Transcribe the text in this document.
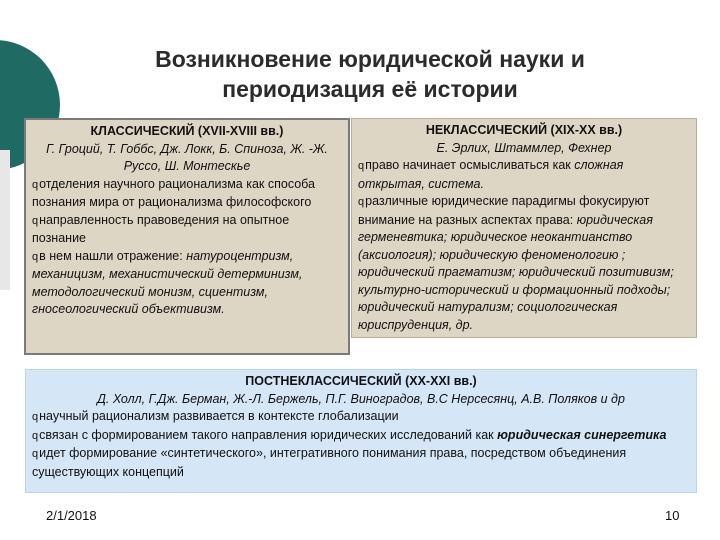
Возникновение юридической науки и
периодизация её истории
КЛАССИЧЕСКИЙ (XVII-XVIII вв.)
Г. Гроций, Т. Гоббс, Дж. Локк, Б. Спиноза, Ж. -Ж. Руссо, Ш. Монтескье
qотделения научного рационализма как способа познания мира от рационализма философского
qнаправленность правоведения на опытное познание
qв нем нашли отражение: натуроцентризм, механицизм, механистический детерминизм, методологический монизм, сциентизм, гносеологический объективизм.
НЕКЛАССИЧЕСКИЙ (XIX-XX вв.)
Е. Эрлих, Штаммлер, Фехнер
qправо начинает осмысливаться как сложная открытая, система.
qразличные юридические парадигмы фокусируют внимание на разных аспектах права: юридическая герменевтика; юридическое неокантианство (аксиология); юридическую феноменологию ; юридический прагматизм; юридический позитивизм; культурно-исторический и формационный подходы; юридический натурализм; социологическая юриспруденция, др.
ПОСТНЕКЛАССИЧЕСКИЙ (XX-XXI вв.)
Д. Холл, Г.Дж. Берман, Ж.-Л. Бержель, П.Г. Виноградов, В.С Нерсесянц, А.В. Поляков и др
qнаучный рационализм развивается в контексте глобализации
qсвязан с формированием такого направления юридических исследований как юридическая синергетика
qидет формирование «синтетического», интегративного понимания права, посредством объединения существующих концепций
2/1/2018	10
